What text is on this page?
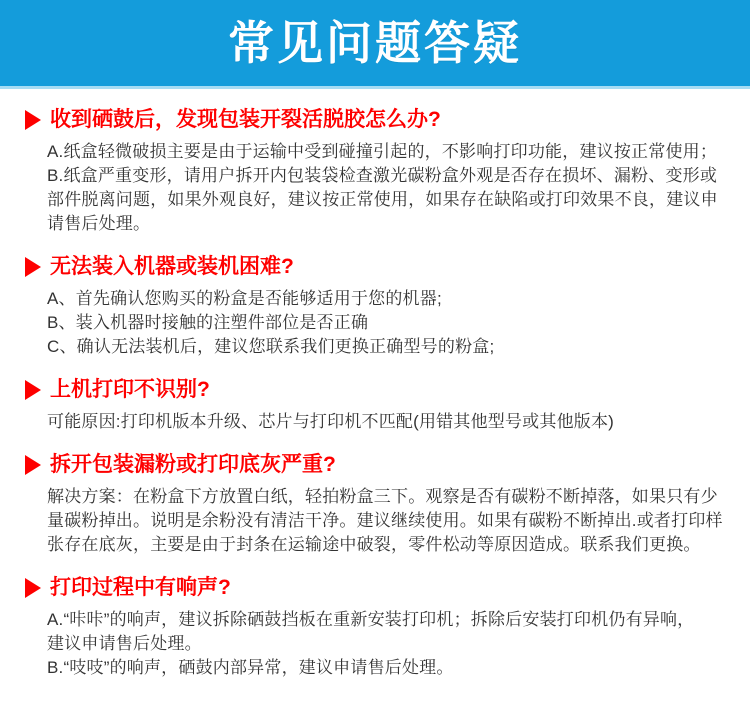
常见问题答疑
收到硒鼓后，发现包装开裂活脱胶怎么办?
A.纸盒轻微破损主要是由于运输中受到碰撞引起的，不影响打印功能，建议按正常使用；
B.纸盒严重变形，请用户拆开内包装袋检查激光碳粉盒外观是否存在损坏、漏粉、变形或
部件脱离问题，如果外观良好，建议按正常使用，如果存在缺陷或打印效果不良，建议申
请售后处理。
无法装入机器或装机困难?
A、首先确认您购买的粉盒是否能够适用于您的机器;
B、装入机器时接触的注塑件部位是否正确
C、确认无法装机后，建议您联系我们更换正确型号的粉盒;
上机打印不识别?
可能原因:打印机版本升级、芯片与打印机不匹配(用错其他型号或其他版本)
拆开包装漏粉或打印底灰严重?
解决方案：在粉盒下方放置白纸，轻拍粉盒三下。观察是否有碳粉不断掉落，如果只有少
量碳粉掉出。说明是余粉没有清洁干净。建议继续使用。如果有碳粉不断掉出.或者打印样
张存在底灰，主要是由于封条在运输途中破裂，零件松动等原因造成。联系我们更换。
打印过程中有响声?
A.“咔咔”的响声，建议拆除硒鼓挡板在重新安装打印机；拆除后安装打印机仍有异响，
建议申请售后处理。
B.“吱吱”的响声，硒鼓内部异常，建议申请售后处理。
